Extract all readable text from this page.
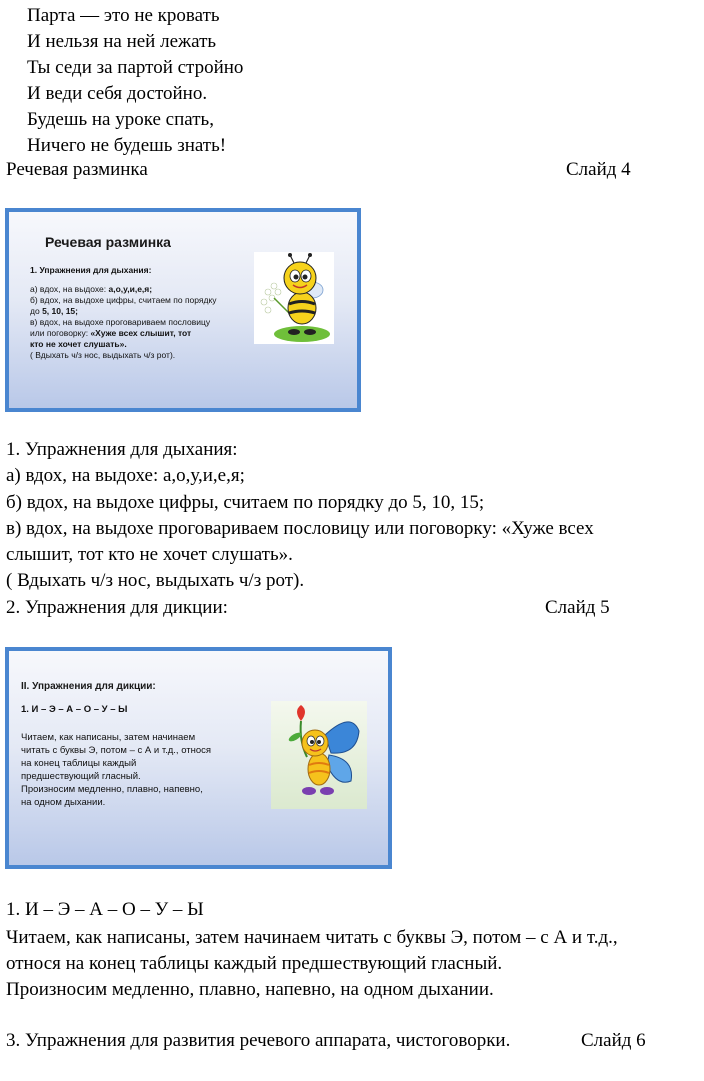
Парта — это не кровать
И нельзя на ней лежать
Ты седи за партой стройно
И веди себя достойно.
Будешь на уроке спать,
Ничего не будешь знать!
Речевая разминка	Слайд 4
Речевая разминка
1. Упражнения для дыхания:
а) вдох, на выдохе: а,о,у,и,е,я;
б) вдох, на выдохе цифры, считаем по порядку
до 5, 10, 15;
в) вдох, на выдохе проговариваем пословицу
или поговорку: «Хуже всех слышит, тот
кто не хочет слушать».
( Вдыхать ч/з нос, выдыхать ч/з рот).
1. Упражнения для дыхания:
а) вдох, на выдохе: а,о,у,и,е,я;
б) вдох, на выдохе цифры, считаем по порядку до 5, 10, 15;
в) вдох, на выдохе проговариваем пословицу или поговорку: «Хуже всех
слышит, тот кто не хочет слушать».
( Вдыхать ч/з нос, выдыхать ч/з рот).
2. Упражнения для дикции:	Слайд 5
II. Упражнения для дикции:
1. И – Э – А – О – У – Ы
Читаем, как написаны, затем начинаем
читать с буквы Э, потом – с А и т.д., относя
на конец таблицы каждый
предшествующий гласный.
Произносим медленно, плавно, напевно,
на одном дыхании.
1. И – Э – А – О – У – Ы
Читаем, как написаны, затем начинаем читать с буквы Э, потом – с А и т.д.,
относя на конец таблицы каждый предшествующий гласный.
Произносим медленно, плавно, напевно, на одном дыхании.
3. Упражнения для развития речевого аппарата, чистоговорки.	Слайд 6
